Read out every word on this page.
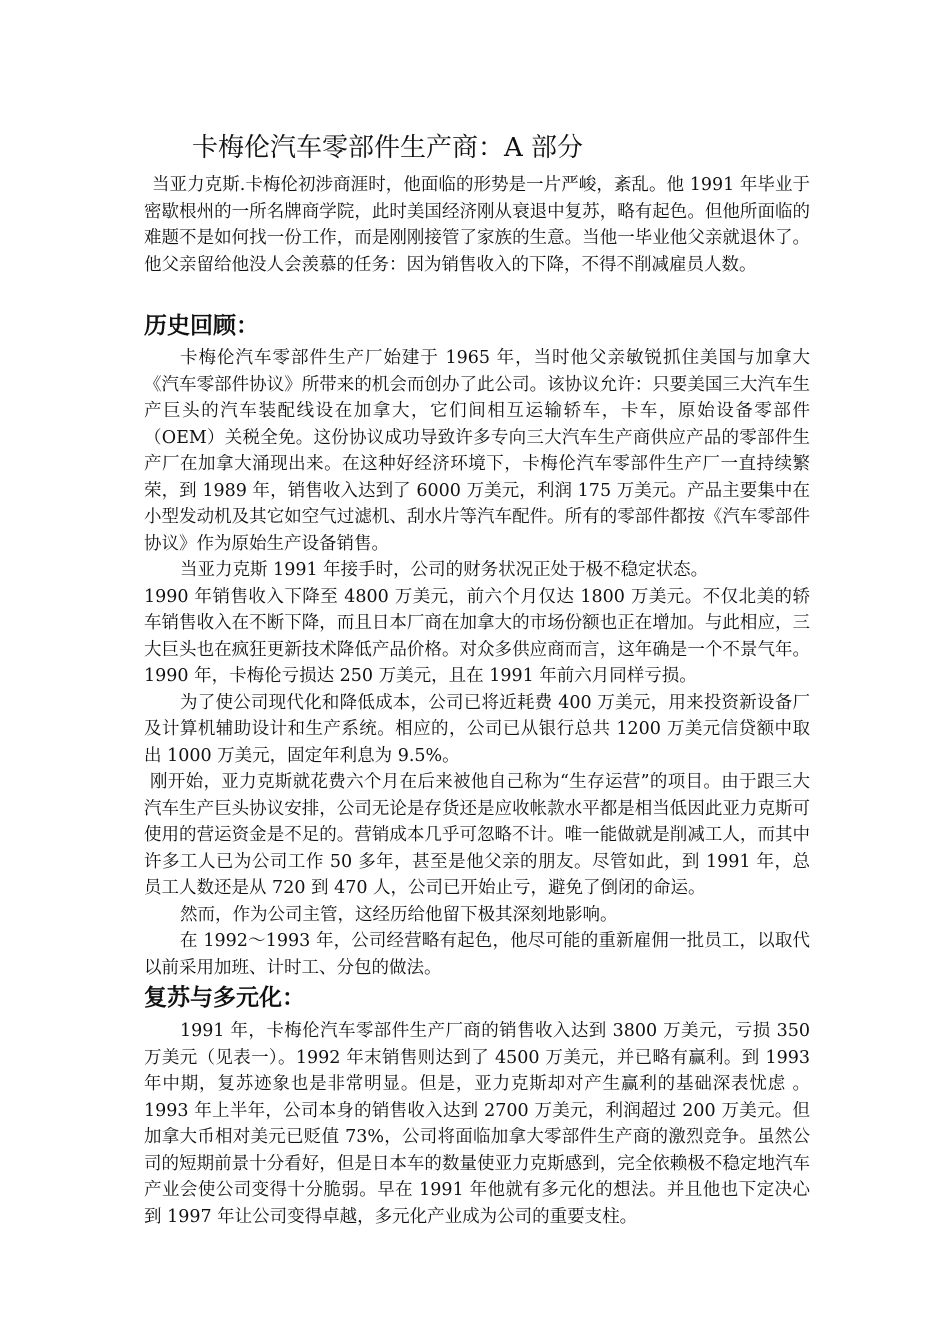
卡梅伦汽车零部件生产商：A 部分

当亚力克斯.卡梅伦初涉商涯时，他面临的形势是一片严峻，紊乱。他 1991 年毕业于密歇根州的一所名牌商学院，此时美国经济刚从衰退中复苏，略有起色。但他所面临的难题不是如何找一份工作，而是刚刚接管了家族的生意。当他一毕业他父亲就退休了。他父亲留给他没人会羡慕的任务：因为销售收入的下降，不得不削减雇员人数。

历史回顾：

卡梅伦汽车零部件生产厂始建于 1965 年，当时他父亲敏锐抓住美国与加拿大《汽车零部件协议》所带来的机会而创办了此公司。该协议允许：只要美国三大汽车生产巨头的汽车装配线设在加拿大，它们间相互运输轿车，卡车，原始设备零部件（OEM）关税全免。这份协议成功导致许多专向三大汽车生产商供应产品的零部件生产厂在加拿大涌现出来。在这种好经济环境下，卡梅伦汽车零部件生产厂一直持续繁荣，到 1989 年，销售收入达到了 6000 万美元，利润 175 万美元。产品主要集中在小型发动机及其它如空气过滤机、刮水片等汽车配件。所有的零部件都按《汽车零部件协议》作为原始生产设备销售。

当亚力克斯 1991 年接手时，公司的财务状况正处于极不稳定状态。

1990 年销售收入下降至 4800 万美元，前六个月仅达 1800 万美元。不仅北美的轿车销售收入在不断下降，而且日本厂商在加拿大的市场份额也正在增加。与此相应，三大巨头也在疯狂更新技术降低产品价格。对众多供应商而言，这年确是一个不景气年。1990 年，卡梅伦亏损达 250 万美元，且在 1991 年前六月同样亏损。

为了使公司现代化和降低成本，公司已将近耗费 400 万美元，用来投资新设备厂及计算机辅助设计和生产系统。相应的，公司已从银行总共 1200 万美元信贷额中取出 1000 万美元，固定年利息为 9.5%。

刚开始，亚力克斯就花费六个月在后来被他自己称为“生存运营”的项目。由于跟三大汽车生产巨头协议安排，公司无论是存货还是应收帐款水平都是相当低因此亚力克斯可使用的营运资金是不足的。营销成本几乎可忽略不计。唯一能做就是削减工人，而其中许多工人已为公司工作 50 多年，甚至是他父亲的朋友。尽管如此，到 1991 年，总员工人数还是从 720 到 470 人，公司已开始止亏，避免了倒闭的命运。

然而，作为公司主管，这经历给他留下极其深刻地影响。

在 1992～1993 年，公司经营略有起色，他尽可能的重新雇佣一批员工，以取代以前采用加班、计时工、分包的做法。

复苏与多元化：

1991 年，卡梅伦汽车零部件生产厂商的销售收入达到 3800 万美元，亏损 350 万美元（见表一）。1992 年末销售则达到了 4500 万美元，并已略有赢利。到 1993 年中期，复苏迹象也是非常明显。但是，亚力克斯却对产生赢利的基础深表忧虑 。1993 年上半年，公司本身的销售收入达到 2700 万美元，利润超过 200 万美元。但加拿大币相对美元已贬值 73%，公司将面临加拿大零部件生产商的激烈竞争。虽然公司的短期前景十分看好，但是日本车的数量使亚力克斯感到，完全依赖极不稳定地汽车产业会使公司变得十分脆弱。早在 1991 年他就有多元化的想法。并且他也下定决心到 1997 年让公司变得卓越，多元化产业成为公司的重要支柱。
